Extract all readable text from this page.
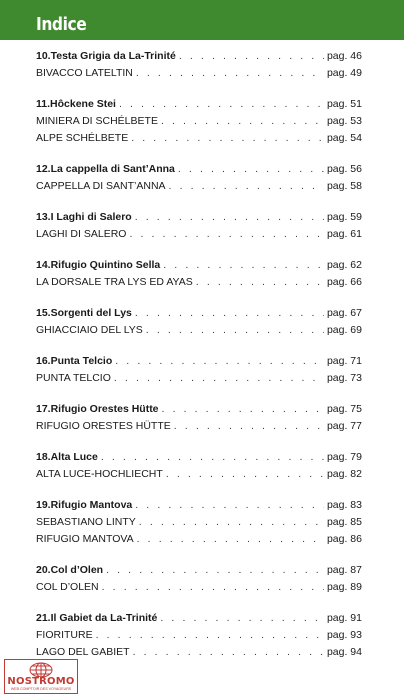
Indice
10.Testa Grigia da La-Trinité . . .	pag. 46
BIVACCO LATELTIN . . .	pag. 49
11.Hôckene Stei . . .	pag. 51
MINIERA DI SCHÉLBETE . . .	pag. 53
ALPE SCHÉLBETE . . .	pag. 54
12.La cappella di Sant’Anna . . .	pag. 56
CAPPELLA DI SANT’ANNA . . .	pag. 58
13.I Laghi di Salero . . .	pag. 59
LAGHI DI SALERO . . .	pag. 61
14.Rifugio Quintino Sella . . .	pag. 62
LA DORSALE TRA LYS ED AYAS . . .	pag. 66
15.Sorgenti del Lys . . .	pag. 67
GHIACCIAIO DEL LYS . . .	pag. 69
16.Punta Telcio . . .	pag. 71
PUNTA TELCIO . . .	pag. 73
17.Rifugio Orestes Hütte . . .	pag. 75
RIFUGIO ORESTES HÜTTE . . .	pag. 77
18.Alta Luce . . .	pag. 79
ALTA LUCE-HOCHLIECHT . . .	pag. 82
19.Rifugio Mantova . . .	pag. 83
SEBASTIANO LINTY . . .	pag. 85
RIFUGIO MANTOVA . . .	pag. 86
20.Col d’Olen . . .	pag. 87
COL D’OLEN . . .	pag. 89
21.Il Gabiet da La-Trinité . . .	pag. 91
FIORITURE . . .	pag. 93
LAGO DEL GABIET . . .	pag. 94
NOSTROMO
WEB COMPTOIR DES VOYAGEURS
